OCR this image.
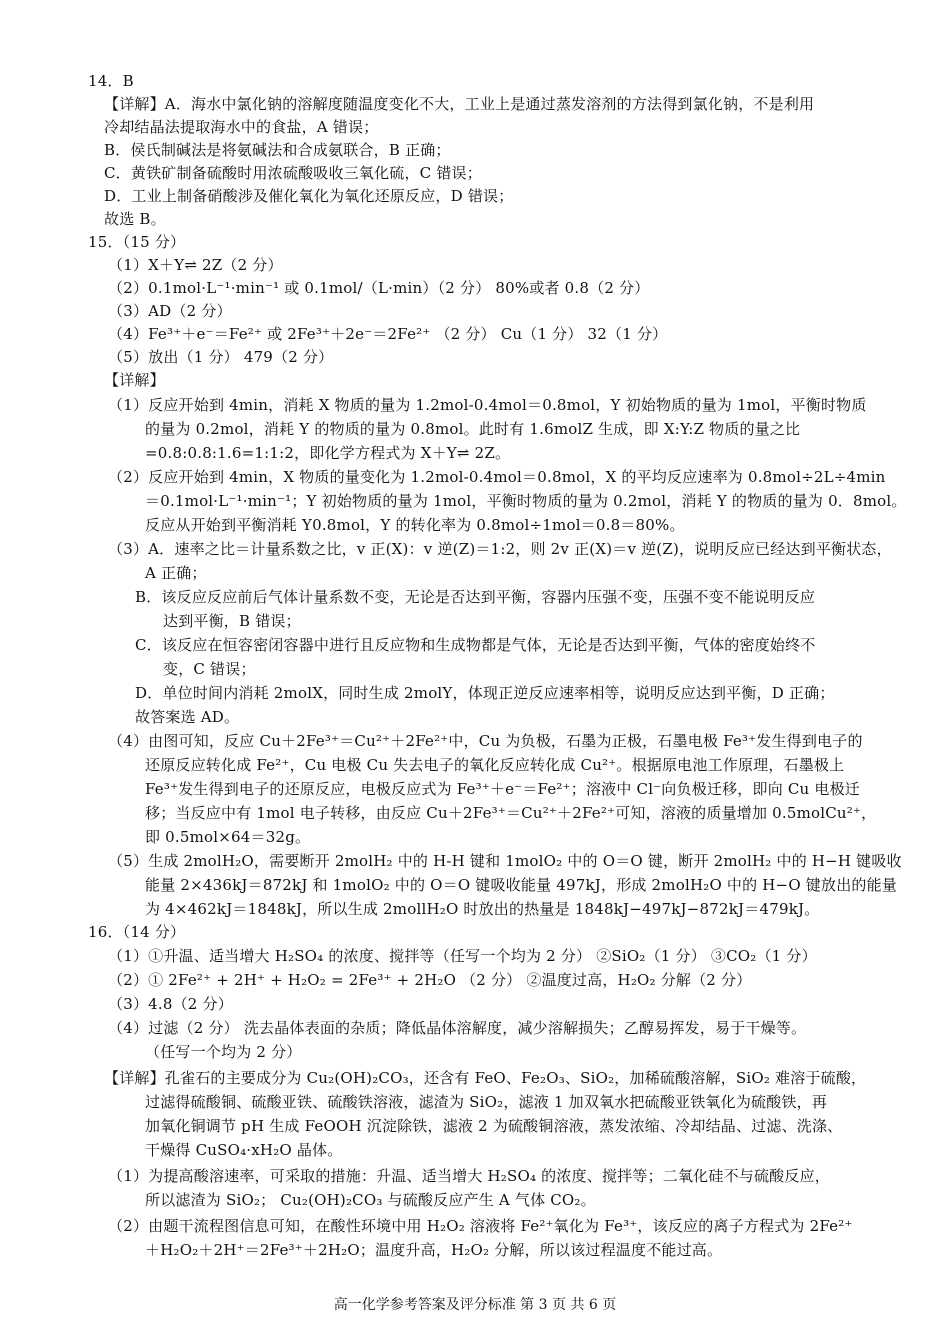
14．B
【详解】A．海水中氯化钠的溶解度随温度变化不大，工业上是通过蒸发溶剂的方法得到氯化钠，不是利用
冷却结晶法提取海水中的食盐，A 错误；
B．侯氏制碱法是将氨碱法和合成氨联合，B 正确；
C．黄铁矿制备硫酸时用浓硫酸吸收三氧化硫，C 错误；
D．工业上制备硝酸涉及催化氧化为氧化还原反应，D 错误；
故选 B。
15．（15 分）
（1）X＋Y⇌ 2Z（2 分）
（2）0.1mol·L⁻¹·min⁻¹ 或 0.1mol/（L·min）（2 分） 80%或者 0.8（2 分）
（3）AD（2 分）
（4）Fe³⁺＋e⁻＝Fe²⁺ 或 2Fe³⁺＋2e⁻＝2Fe²⁺ （2 分） Cu（1 分） 32（1 分）
（5）放出（1 分） 479（2 分）
【详解】
（1）反应开始到 4min，消耗 X 物质的量为 1.2mol-0.4mol＝0.8mol，Y 初始物质的量为 1mol，平衡时物质
的量为 0.2mol，消耗 Y 的物质的量为 0.8mol。此时有 1.6molZ 生成，即 X:Y:Z 物质的量之比
=0.8:0.8:1.6=1:1:2，即化学方程式为 X＋Y⇌ 2Z。
（2）反应开始到 4min，X 物质的量变化为 1.2mol-0.4mol＝0.8mol，X 的平均反应速率为 0.8mol÷2L÷4min
＝0.1mol·L⁻¹·min⁻¹；Y 初始物质的量为 1mol，平衡时物质的量为 0.2mol，消耗 Y 的物质的量为 0．8mol。
反应从开始到平衡消耗 Y0.8mol，Y 的转化率为 0.8mol÷1mol＝0.8＝80%。
（3）A．速率之比＝计量系数之比，v 正(X)：v 逆(Z)＝1:2，则 2v 正(X)＝v 逆(Z)，说明反应已经达到平衡状态，
A 正确；
B．该反应反应前后气体计量系数不变，无论是否达到平衡，容器内压强不变，压强不变不能说明反应
达到平衡，B 错误；
C．该反应在恒容密闭容器中进行且反应物和生成物都是气体，无论是否达到平衡，气体的密度始终不
变，C 错误；
D．单位时间内消耗 2molX，同时生成 2molY，体现正逆反应速率相等，说明反应达到平衡，D 正确；
故答案选 AD。
（4）由图可知，反应 Cu＋2Fe³⁺＝Cu²⁺＋2Fe²⁺中，Cu 为负极，石墨为正极，石墨电极 Fe³⁺发生得到电子的
还原反应转化成 Fe²⁺，Cu 电极 Cu 失去电子的氧化反应转化成 Cu²⁺。根据原电池工作原理，石墨极上
Fe³⁺发生得到电子的还原反应，电极反应式为 Fe³⁺＋e⁻＝Fe²⁺；溶液中 Cl⁻向负极迁移，即向 Cu 电极迁
移；当反应中有 1mol 电子转移，由反应 Cu＋2Fe³⁺＝Cu²⁺＋2Fe²⁺可知，溶液的质量增加 0.5molCu²⁺，
即 0.5mol×64＝32g。
（5）生成 2molH₂O，需要断开 2molH₂ 中的 H-H 键和 1molO₂ 中的 O＝O 键，断开 2molH₂ 中的 H−H 键吸收
能量 2×436kJ＝872kJ 和 1molO₂ 中的 O＝O 键吸收能量 497kJ，形成 2molH₂O 中的 H−O 键放出的能量
为 4×462kJ＝1848kJ，所以生成 2mollH₂O 时放出的热量是 1848kJ−497kJ−872kJ＝479kJ。
16．（14 分）
（1）①升温、适当增大 H₂SO₄ 的浓度、搅拌等（任写一个均为 2 分） ②SiO₂（1 分） ③CO₂（1 分）
（2）① 2Fe²⁺ + 2H⁺ + H₂O₂ = 2Fe³⁺ + 2H₂O （2 分） ②温度过高，H₂O₂ 分解（2 分）
（3）4.8（2 分）
（4）过滤（2 分） 洗去晶体表面的杂质；降低晶体溶解度，减少溶解损失；乙醇易挥发，易于干燥等。
（任写一个均为 2 分）
【详解】孔雀石的主要成分为 Cu₂(OH)₂CO₃，还含有 FeO、Fe₂O₃、SiO₂，加稀硫酸溶解，SiO₂ 难溶于硫酸，
过滤得硫酸铜、硫酸亚铁、硫酸铁溶液，滤渣为 SiO₂，滤液 1 加双氧水把硫酸亚铁氧化为硫酸铁，再
加氧化铜调节 pH 生成 FeOOH 沉淀除铁，滤液 2 为硫酸铜溶液，蒸发浓缩、冷却结晶、过滤、洗涤、
干燥得 CuSO₄·xH₂O 晶体。
（1）为提高酸溶速率，可采取的措施：升温、适当增大 H₂SO₄ 的浓度、搅拌等；二氧化硅不与硫酸反应，
所以滤渣为 SiO₂； Cu₂(OH)₂CO₃ 与硫酸反应产生 A 气体 CO₂。
（2）由题干流程图信息可知，在酸性环境中用 H₂O₂ 溶液将 Fe²⁺氧化为 Fe³⁺，该反应的离子方程式为 2Fe²⁺
＋H₂O₂＋2H⁺＝2Fe³⁺＋2H₂O；温度升高，H₂O₂ 分解，所以该过程温度不能过高。
高一化学参考答案及评分标准 第 3 页 共 6 页
